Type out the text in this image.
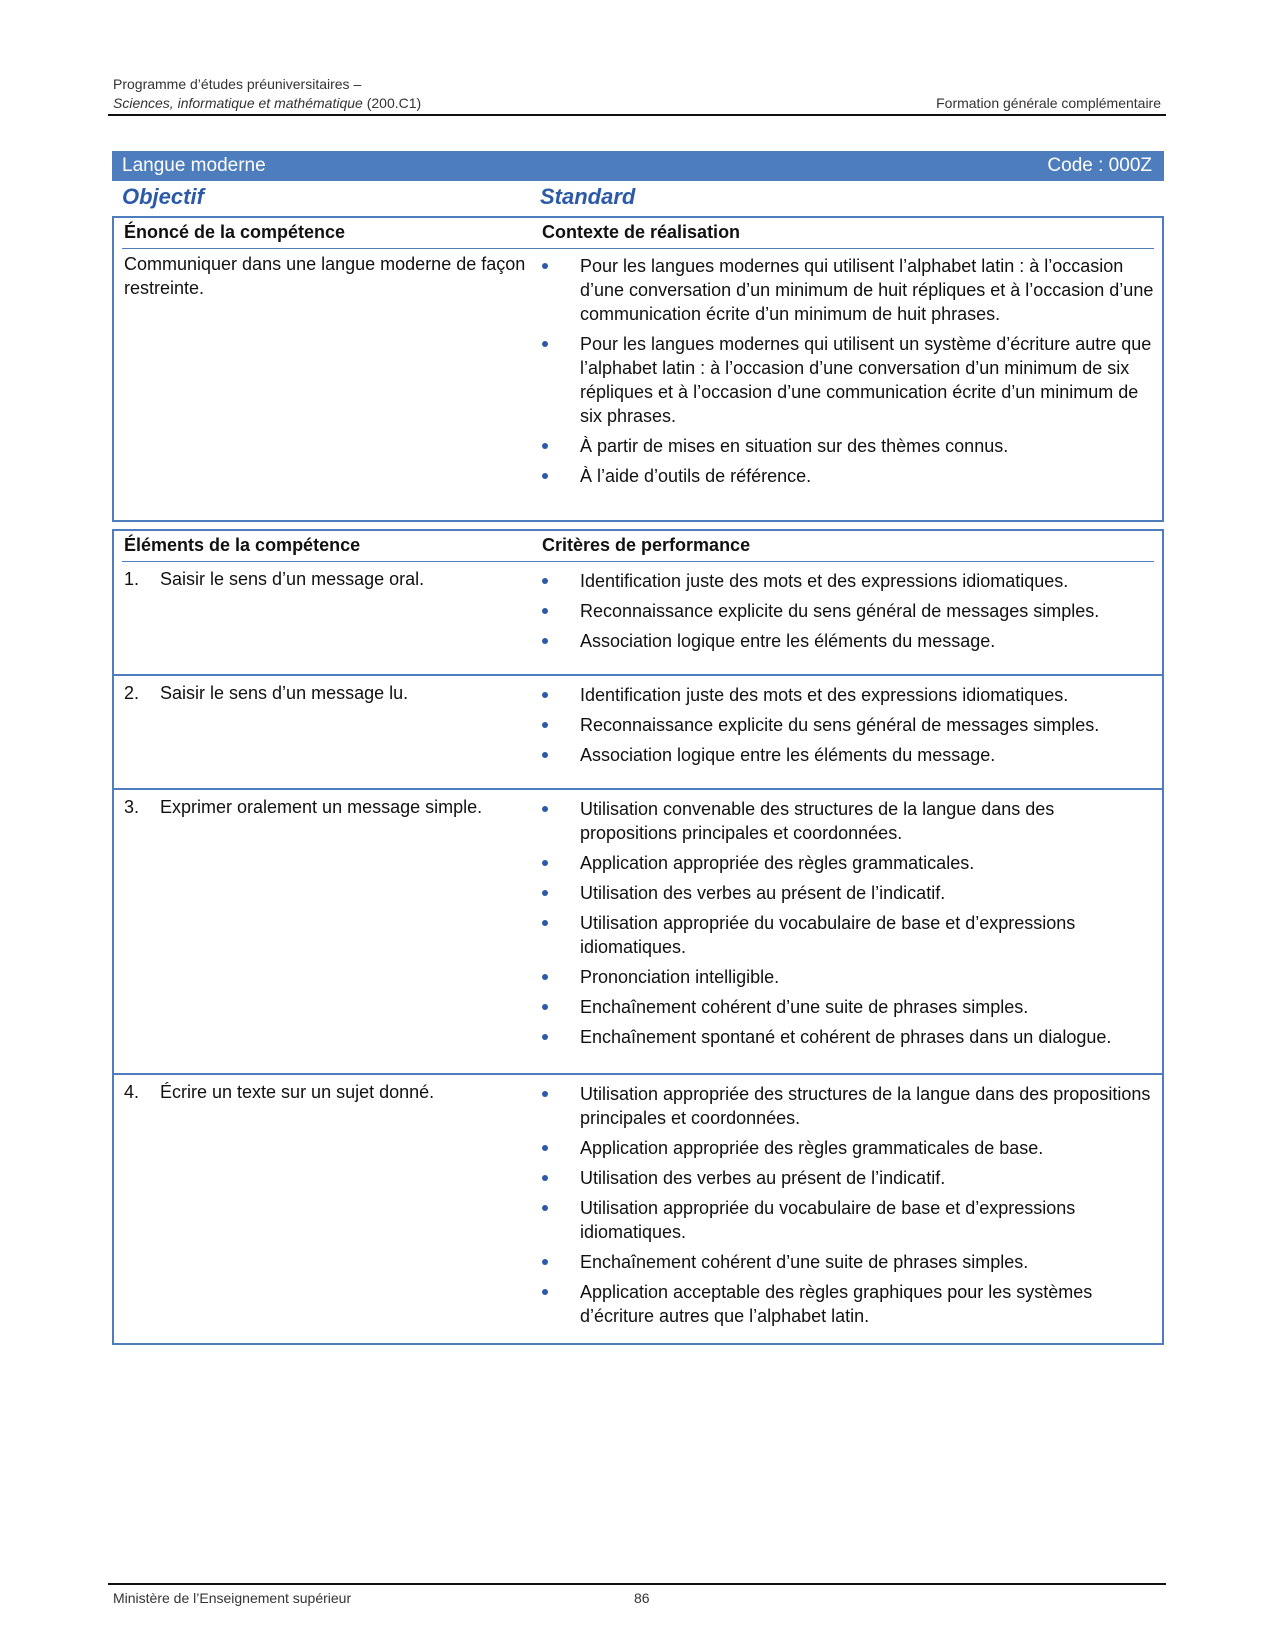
Programme d’études préuniversitaires –
Sciences, informatique et mathématique (200.C1)	Formation générale complémentaire
Langue moderne	Code : 000Z
Objectif	Standard
Énoncé de la compétence	Contexte de réalisation
Communiquer dans une langue moderne de façon restreinte.
Pour les langues modernes qui utilisent l’alphabet latin : à l’occasion d’une conversation d’un minimum de huit répliques et à l’occasion d’une communication écrite d’un minimum de huit phrases.
Pour les langues modernes qui utilisent un système d’écriture autre que l’alphabet latin : à l’occasion d’une conversation d’un minimum de six répliques et à l’occasion d’une communication écrite d’un minimum de six phrases.
À partir de mises en situation sur des thèmes connus.
À l’aide d’outils de référence.
Éléments de la compétence	Critères de performance
1.	Saisir le sens d’un message oral.	Identification juste des mots et des expressions idiomatiques.
Reconnaissance explicite du sens général de messages simples.
Association logique entre les éléments du message.
2.	Saisir le sens d’un message lu.	Identification juste des mots et des expressions idiomatiques.
Reconnaissance explicite du sens général de messages simples.
Association logique entre les éléments du message.
3.	Exprimer oralement un message simple.	Utilisation convenable des structures de la langue dans des propositions principales et coordonnées.
Application appropriée des règles grammaticales.
Utilisation des verbes au présent de l’indicatif.
Utilisation appropriée du vocabulaire de base et d’expressions idiomatiques.
Prononciation intelligible.
Enchaînement cohérent d’une suite de phrases simples.
Enchaînement spontané et cohérent de phrases dans un dialogue.
4.	Écrire un texte sur un sujet donné.	Utilisation appropriée des structures de la langue dans des propositions principales et coordonnées.
Application appropriée des règles grammaticales de base.
Utilisation des verbes au présent de l’indicatif.
Utilisation appropriée du vocabulaire de base et d’expressions idiomatiques.
Enchaînement cohérent d’une suite de phrases simples.
Application acceptable des règles graphiques pour les systèmes d’écriture autres que l’alphabet latin.
Ministère de l’Enseignement supérieur	86
